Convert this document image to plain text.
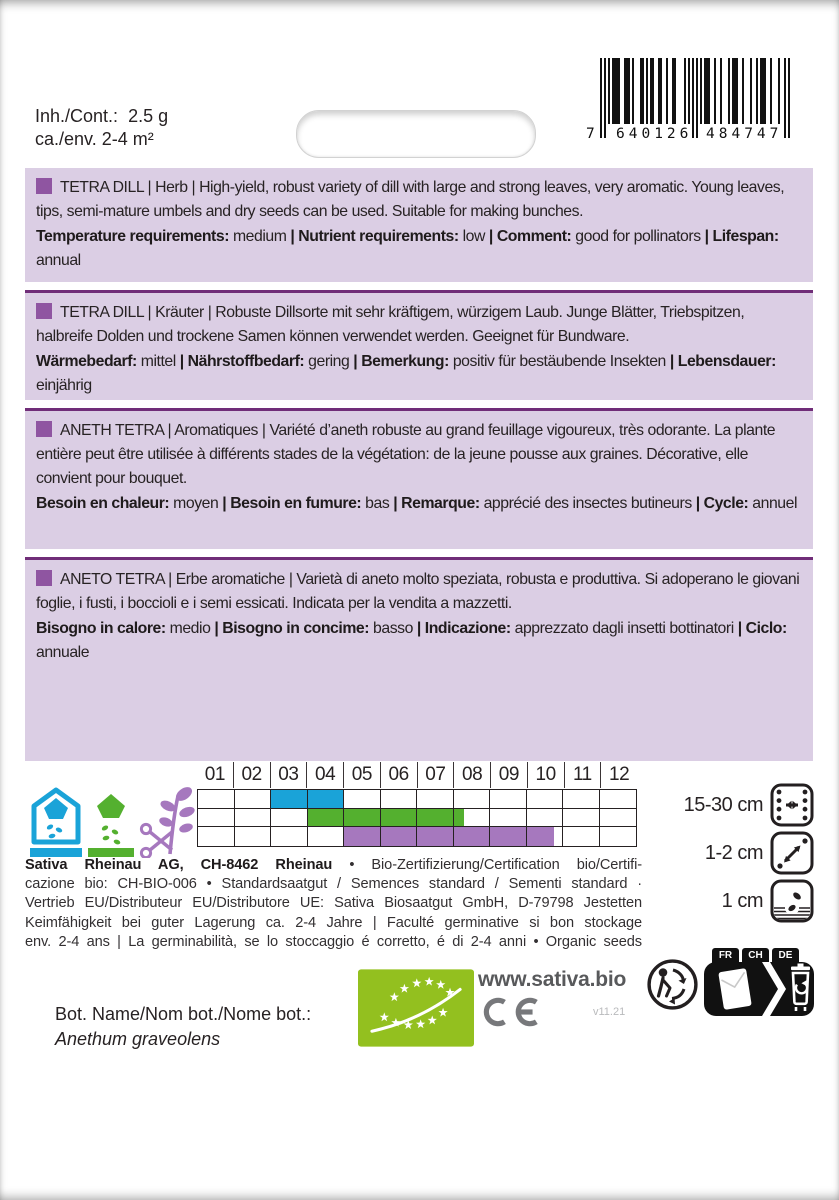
Inh./Cont.: 2.5 g
ca./env. 2-4 m²	7 640126 484747
TETRA DILL | Herb | High-yield, robust variety of dill with large and strong leaves, very aromatic. Young leaves, tips, semi-mature umbels and dry seeds can be used. Suitable for making bunches.
Temperature requirements: medium | Nutrient requirements: low | Comment: good for pollinators | Lifespan: annual
TETRA DILL | Kräuter | Robuste Dillsorte mit sehr kräftigem, würzigem Laub. Junge Blätter, Triebspitzen, halbreife Dolden und trockene Samen können verwendet werden. Geeignet für Bundware.
Wärmebedarf: mittel | Nährstoffbedarf: gering | Bemerkung: positiv für bestäubende Insekten | Lebensdauer: einjährig
ANETH TETRA | Aromatiques | Variété d’aneth robuste au grand feuillage vigoureux, très odorante. La plante entière peut être utilisée à différents stades de la végétation: de la jeune pousse aux graines. Décorative, elle convient pour bouquet.
Besoin en chaleur: moyen | Besoin en fumure: bas | Remarque: apprécié des insectes butineurs | Cycle: annuel
ANETO TETRA | Erbe aromatiche | Varietà di aneto molto speziata, robusta e produttiva. Si adoperano le giovani foglie, i fusti, i boccioli e i semi essicati. Indicata per la vendita a mazzetti.
Bisogno in calore: medio | Bisogno in concime: basso | Indicazione: apprezzato dagli insetti bottinatori | Ciclo: annuale
01 02 03 04 05 06 07 08 09 10 11 12
15-30 cm
1-2 cm
1 cm
Sativa Rheinau AG, CH-8462 Rheinau • Bio-Zertifizierung/Certification bio/Certifi-
cazione bio: CH-BIO-006 • Standardsaatgut / Semences standard / Sementi standard ·
Vertrieb EU/Distributeur EU/Distributore UE: Sativa Biosaatgut GmbH, D-79798 Jestetten
Keimfähigkeit bei guter Lagerung ca. 2-4 Jahre | Faculté germinative si bon stockage
env. 2-4 ans | La germinabilità, se lo stoccaggio é corretto, é di 2-4 anni • Organic seeds
FR	CH	DE
www.sativa.bio
v11.21
Bot. Name/Nom bot./Nome bot.:
Anethum graveolens
